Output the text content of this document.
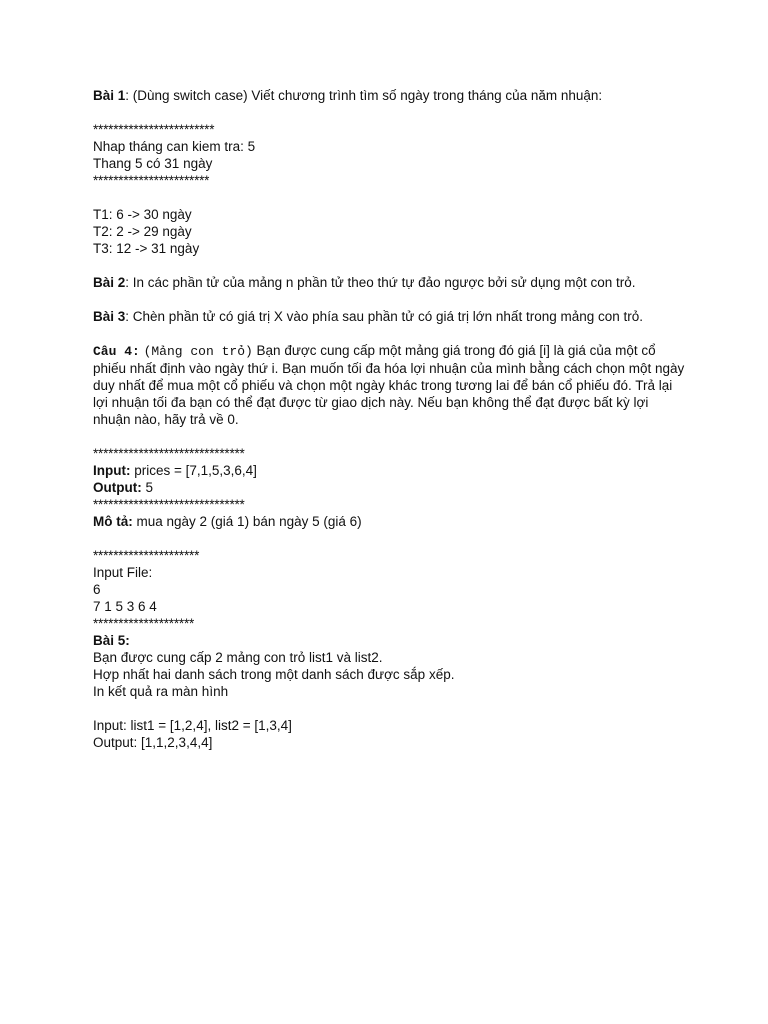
Bài 1: (Dùng switch case) Viết chương trình tìm số ngày trong tháng của năm nhuận:

************************

Nhap tháng can kiem tra: 5

Thang 5 có 31 ngày

***********************

T1: 6 -> 30 ngày

T2: 2 -> 29 ngày

T3: 12 -> 31 ngày

Bài 2: In các phần tử của mảng n phần tử theo thứ tự đảo ngược bởi sử dụng một con trỏ.

Bài 3: Chèn phần tử có giá trị X vào phía sau phần tử có giá trị lớn nhất trong mảng con trỏ.

Câu 4: (Mảng con trỏ) Bạn được cung cấp một mảng giá trong đó giá [i] là giá của một cổ phiếu nhất định vào ngày thứ i. Bạn muốn tối đa hóa lợi nhuận của mình bằng cách chọn một ngày duy nhất để mua một cổ phiếu và chọn một ngày khác trong tương lai để bán cổ phiếu đó. Trả lại lợi nhuận tối đa bạn có thể đạt được từ giao dịch này. Nếu bạn không thể đạt được bất kỳ lợi nhuận nào, hãy trả về 0.

******************************

Input: prices = [7,1,5,3,6,4]

Output: 5

******************************

Mô tả: mua ngày 2 (giá 1) bán ngày 5 (giá 6)

*********************

Input File:

6

7 1 5 3 6 4

********************

Bài 5:

Bạn được cung cấp 2 mảng con trỏ list1 và list2.

Hợp nhất hai danh sách trong một danh sách được sắp xếp.

In kết quả ra màn hình

Input: list1 = [1,2,4], list2 = [1,3,4]

Output: [1,1,2,3,4,4]
